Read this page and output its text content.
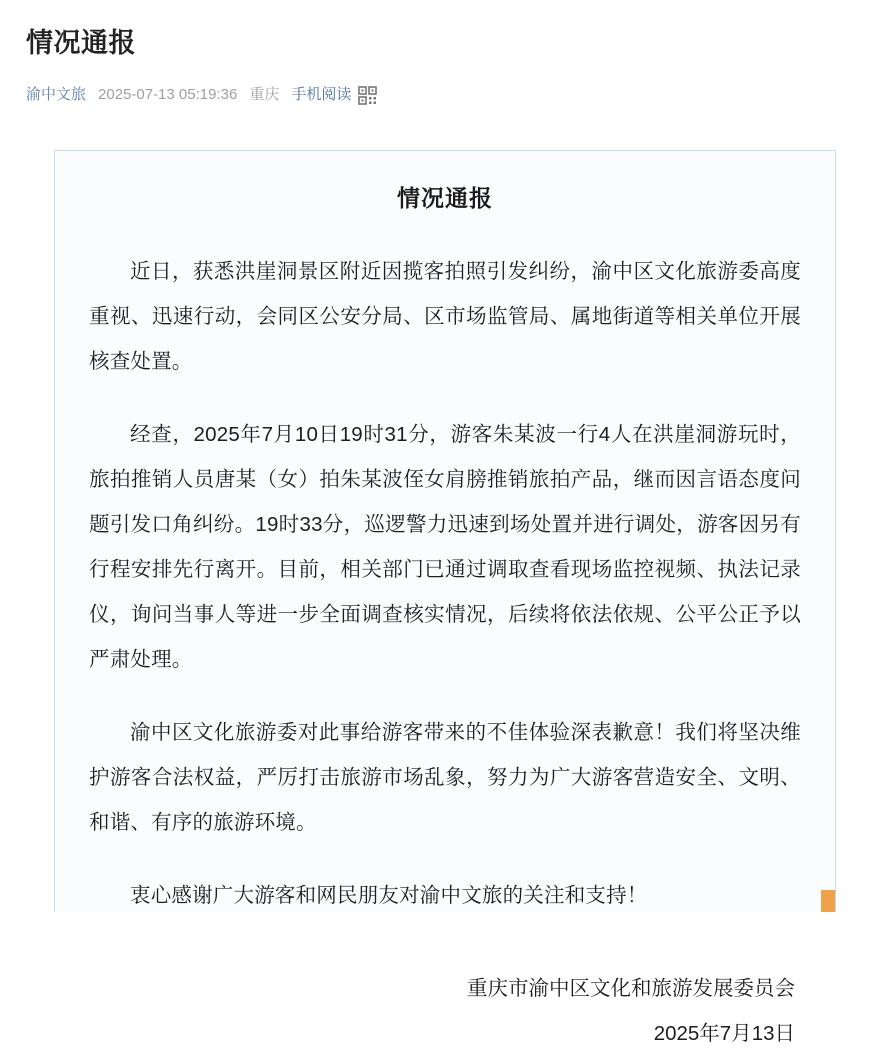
情况通报
渝中文旅 2025-07-13 05:19:36 重庆 手机阅读
情况通报

近日，获悉洪崖洞景区附近因揽客拍照引发纠纷，渝中区文化旅游委高度重视、迅速行动，会同区公安分局、区市场监管局、属地街道等相关单位开展核查处置。

经查，2025年7月10日19时31分，游客朱某波一行4人在洪崖洞游玩时，旅拍推销人员唐某（女）拍朱某波侄女肩膀推销旅拍产品，继而因言语态度问题引发口角纠纷。19时33分，巡逻警力迅速到场处置并进行调处，游客因另有行程安排先行离开。目前，相关部门已通过调取查看现场监控视频、执法记录仪，询问当事人等进一步全面调查核实情况，后续将依法依规、公平公正予以严肃处理。

渝中区文化旅游委对此事给游客带来的不佳体验深表歉意！我们将坚决维护游客合法权益，严厉打击旅游市场乱象，努力为广大游客营造安全、文明、和谐、有序的旅游环境。

衷心感谢广大游客和网民朋友对渝中文旅的关注和支持！

重庆市渝中区文化和旅游发展委员会
2025年7月13日
